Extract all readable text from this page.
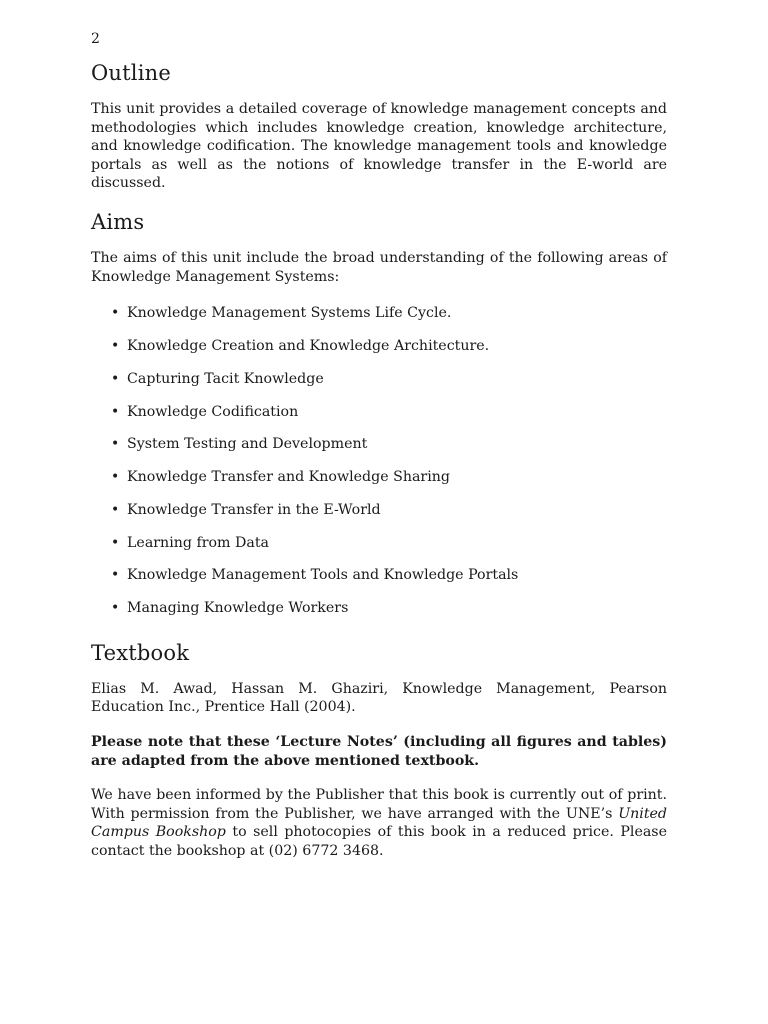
2
Outline

This unit provides a detailed coverage of knowledge management concepts and methodologies which includes knowledge creation, knowledge architecture, and knowledge codification. The knowledge management tools and knowledge portals as well as the notions of knowledge transfer in the E-world are discussed.

Aims

The aims of this unit include the broad understanding of the following areas of Knowledge Management Systems:

• Knowledge Management Systems Life Cycle.
• Knowledge Creation and Knowledge Architecture.
• Capturing Tacit Knowledge
• Knowledge Codification
• System Testing and Development
• Knowledge Transfer and Knowledge Sharing
• Knowledge Transfer in the E-World
• Learning from Data
• Knowledge Management Tools and Knowledge Portals
• Managing Knowledge Workers
Textbook

Elias M. Awad, Hassan M. Ghaziri, Knowledge Management, Pearson Education Inc., Prentice Hall (2004).

Please note that these ‘Lecture Notes’ (including all figures and tables) are adapted from the above mentioned textbook.

We have been informed by the Publisher that this book is currently out of print. With permission from the Publisher, we have arranged with the UNE’s United Campus Bookshop to sell photocopies of this book in a reduced price. Please contact the bookshop at (02) 6772 3468.
